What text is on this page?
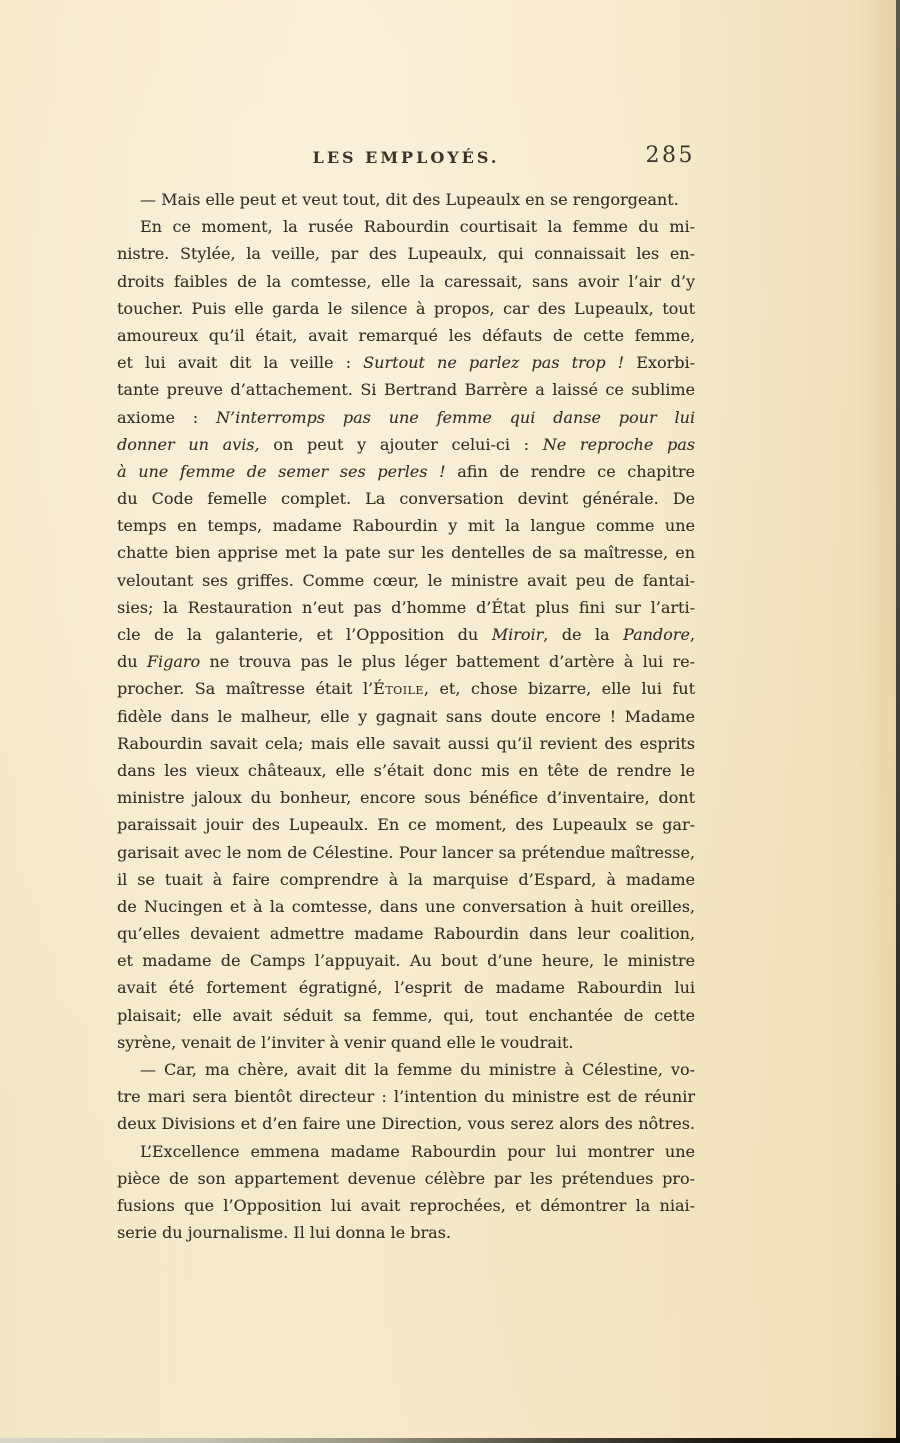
LES EMPLOYÉS.	285
— Mais elle peut et veut tout, dit des Lupeaulx en se rengorgeant.
En ce moment, la rusée Rabourdin courtisait la femme du mi-
nistre. Stylée, la veille, par des Lupeaulx, qui connaissait les en-
droits faibles de la comtesse, elle la caressait, sans avoir l’air d’y
toucher. Puis elle garda le silence à propos, car des Lupeaulx, tout
amoureux qu’il était, avait remarqué les défauts de cette femme,
et lui avait dit la veille : Surtout ne parlez pas trop ! Exorbi-
tante preuve d’attachement. Si Bertrand Barrère a laissé ce sublime
axiome : N’interromps pas une femme qui danse pour lui
donner un avis, on peut y ajouter celui-ci : Ne reproche pas
à une femme de semer ses perles ! afin de rendre ce chapitre
du Code femelle complet. La conversation devint générale. De
temps en temps, madame Rabourdin y mit la langue comme une
chatte bien apprise met la pate sur les dentelles de sa maîtresse, en
veloutant ses griffes. Comme cœur, le ministre avait peu de fantai-
sies; la Restauration n’eut pas d’homme d’État plus fini sur l’arti-
cle de la galanterie, et l’Opposition du Miroir, de la Pandore,
du Figaro ne trouva pas le plus léger battement d’artère à lui re-
procher. Sa maîtresse était l’Étoile, et, chose bizarre, elle lui fut
fidèle dans le malheur, elle y gagnait sans doute encore ! Madame
Rabourdin savait cela; mais elle savait aussi qu’il revient des esprits
dans les vieux châteaux, elle s’était donc mis en tête de rendre le
ministre jaloux du bonheur, encore sous bénéfice d’inventaire, dont
paraissait jouir des Lupeaulx. En ce moment, des Lupeaulx se gar-
garisait avec le nom de Célestine. Pour lancer sa prétendue maîtresse,
il se tuait à faire comprendre à la marquise d’Espard, à madame
de Nucingen et à la comtesse, dans une conversation à huit oreilles,
qu’elles devaient admettre madame Rabourdin dans leur coalition,
et madame de Camps l’appuyait. Au bout d’une heure, le ministre
avait été fortement égratigné, l’esprit de madame Rabourdin lui
plaisait; elle avait séduit sa femme, qui, tout enchantée de cette
syrène, venait de l’inviter à venir quand elle le voudrait.
— Car, ma chère, avait dit la femme du ministre à Célestine, vo-
tre mari sera bientôt directeur : l’intention du ministre est de réunir
deux Divisions et d’en faire une Direction, vous serez alors des nôtres.
L’Excellence emmena madame Rabourdin pour lui montrer une
pièce de son appartement devenue célèbre par les prétendues pro-
fusions que l’Opposition lui avait reprochées, et démontrer la niai-
serie du journalisme. Il lui donna le bras.
